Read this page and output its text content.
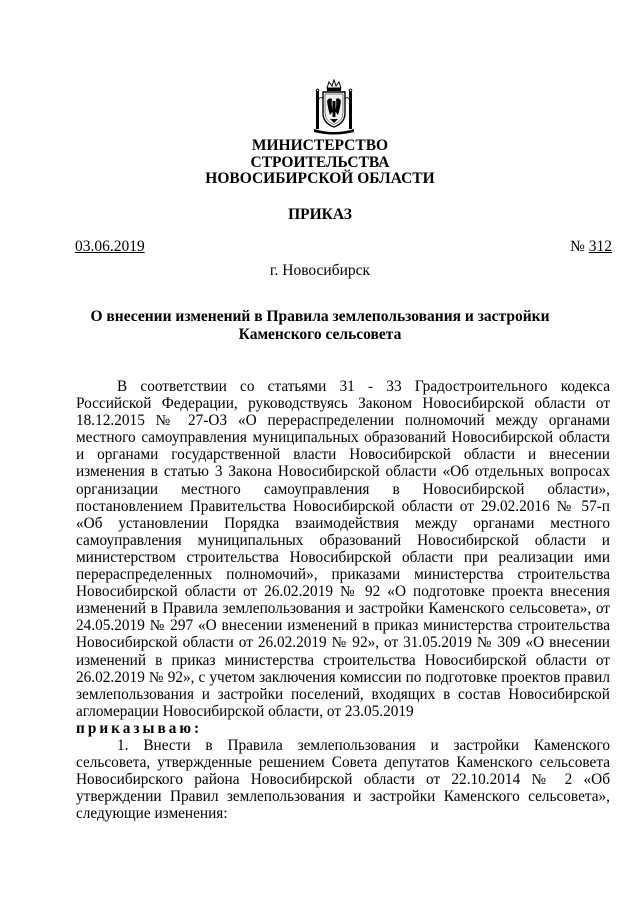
МИНИСТЕРСТВО
СТРОИТЕЛЬСТВА
НОВОСИБИРСКОЙ ОБЛАСТИ
ПРИКАЗ
03.06.2019	№ 312
г. Новосибирск
О внесении изменений в Правила землепользования и застройки
Каменского сельсовета

В соответствии со статьями 31 - 33 Градостроительного кодекса Российской Федерации, руководствуясь Законом Новосибирской области от 18.12.2015 № 27-ОЗ «О перераспределении полномочий между органами местного самоуправления муниципальных образований Новосибирской области и органами государственной власти Новосибирской области и внесении изменения в статью 3 Закона Новосибирской области «Об отдельных вопросах организации местного самоуправления в Новосибирской области», постановлением Правительства Новосибирской области от 29.02.2016 № 57-п «Об установлении Порядка взаимодействия между органами местного самоуправления муниципальных образований Новосибирской области и министерством строительства Новосибирской области при реализации ими перераспределенных полномочий», приказами министерства строительства Новосибирской области от 26.02.2019 № 92 «О подготовке проекта внесения изменений в Правила землепользования и застройки Каменского сельсовета», от 24.05.2019 № 297 «О внесении изменений в приказ министерства строительства Новосибирской области от 26.02.2019 № 92», от 31.05.2019 № 309 «О внесении изменений в приказ министерства строительства Новосибирской области от 26.02.2019 № 92», с учетом заключения комиссии по подготовке проектов правил землепользования и застройки поселений, входящих в состав Новосибирской агломерации Новосибирской области, от 23.05.2019

приказываю:

1. Внести в Правила землепользования и застройки Каменского сельсовета, утвержденные решением Совета депутатов Каменского сельсовета Новосибирского района Новосибирской области от 22.10.2014 № 2 «Об утверждении Правил землепользования и застройки Каменского сельсовета», следующие изменения:
